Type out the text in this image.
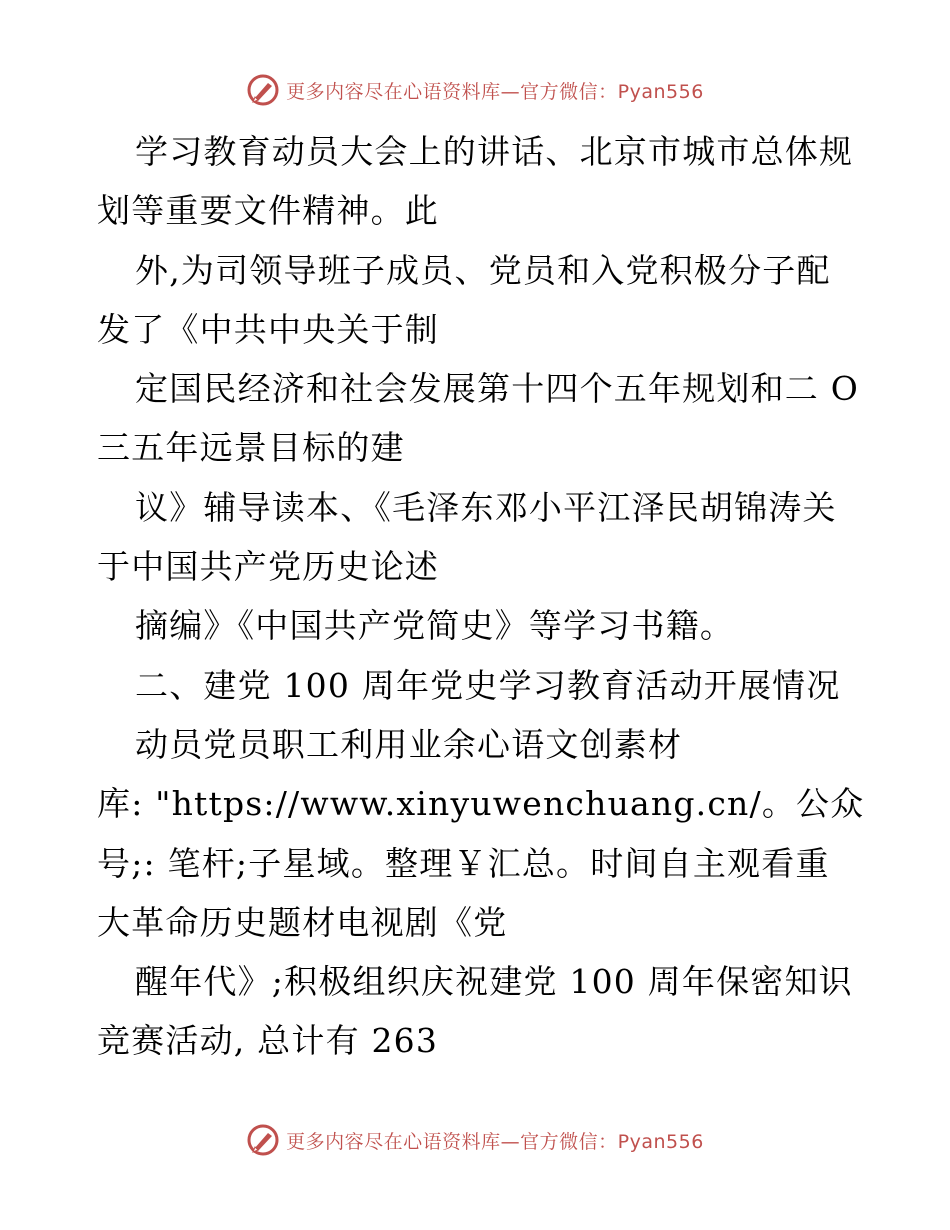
更多内容尽在心语资料库—官方微信：Pyan556
学习教育动员大会上的讲话、北京市城市总体规
划等重要文件精神。此
外,为司领导班子成员、党员和入党积极分子配
发了《中共中央关于制
定国民经济和社会发展第十四个五年规划和二 O
三五年远景目标的建
议》辅导读本、《毛泽东邓小平江泽民胡锦涛关
于中国共产党历史论述
摘编》《中国共产党简史》等学习书籍。
二、建党 100 周年党史学习教育活动开展情况
动员党员职工利用业余心语文创素材
库: "https://www.xinyuwenchuang.cn/。公众
号;: 笔杆;子星域。整理￥汇总。时间自主观看重
大革命历史题材电视剧《党
醒年代》;积极组织庆祝建党 100 周年保密知识
竞赛活动, 总计有 263
更多内容尽在心语资料库—官方微信：Pyan556
